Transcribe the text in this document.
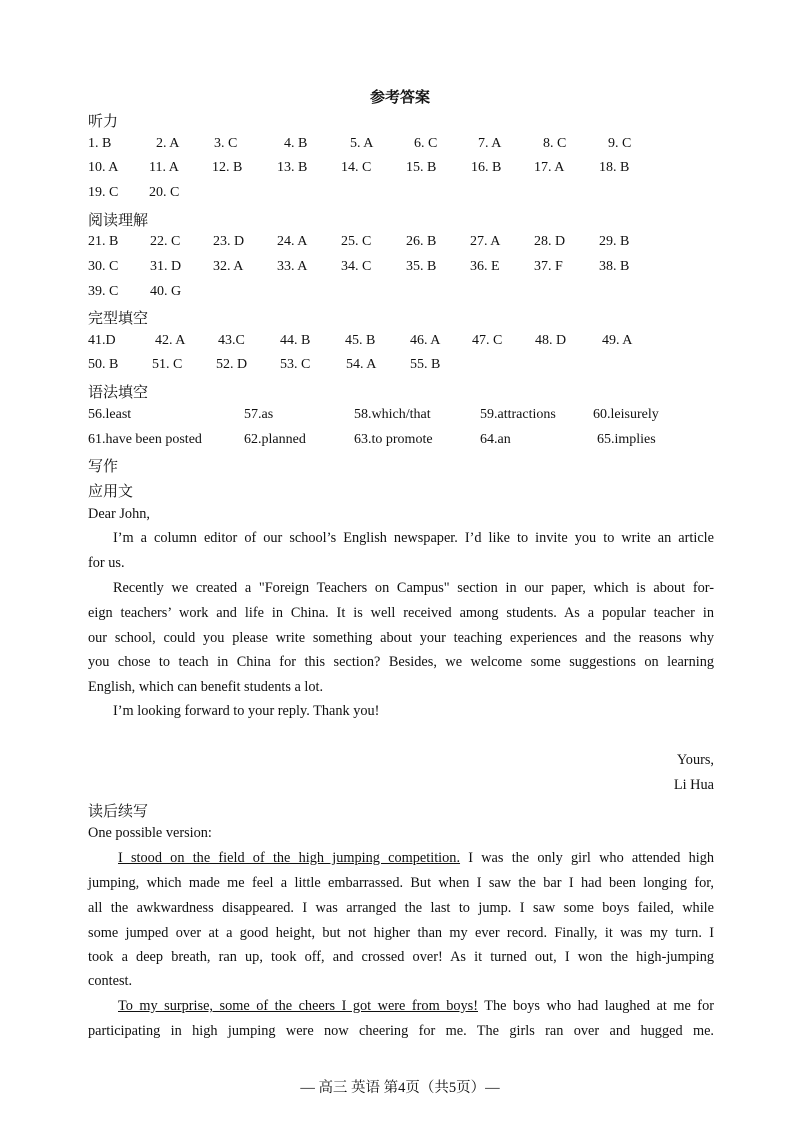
参考答案
听力
1. B	2. A 3. C	4. B	5. A	6. C	7. A	8. C	9. C
10. A 11. A 12. B 13. B 14. C 15. B 16. B 17. A 18. B
19. C 20. C
阅读理解
21. B 22. C 23. D 24. A 25. C 26. B 27. A 28. D 29. B
30. C 31. D 32. A 33. A 34. C 35. B 36. E 37. F	38. B
39. C 40. G
完型填空
41.D	42. A 43.C	44. B 45. B 46. A 47. C 48. D	49. A
50. B 51. C 52. D 53. C	54. A 55. B
语法填空
56.least	57.as	58.which/that	59.attractions	60.leisurely
61.have been posted	62.planned	63.to promote	64.an	65.implies
写作
应用文
Dear John,
I’m a column editor of our school’s English newspaper. I’d like to invite you to write an article
for us.
Recently we created a "Foreign Teachers on Campus" section in our paper, which is about for-
eign teachers’ work and life in China. It is well received among students. As a popular teacher in
our school, could you please write something about your teaching experiences and the reasons why
you chose to teach in China for this section? Besides, we welcome some suggestions on learning
English, which can benefit students a lot.
I’m looking forward to your reply. Thank you!
Yours,
Li Hua
读后续写
One possible version:
I stood on the field of the high jumping competition. I was the only girl who attended high
jumping, which made me feel a little embarrassed. But when I saw the bar I had been longing for,
all the awkwardness disappeared. I was arranged the last to jump. I saw some boys failed, while
some jumped over at a good height, but not higher than my ever record. Finally, it was my turn. I
took a deep breath, ran up, took off, and crossed over! As it turned out, I won the high-jumping
contest.
To my surprise, some of the cheers I got were from boys! The boys who had laughed at me for
participating in high jumping were now cheering for me. The girls ran over and hugged me.
— 高三 英语 第4页（共5页）—
